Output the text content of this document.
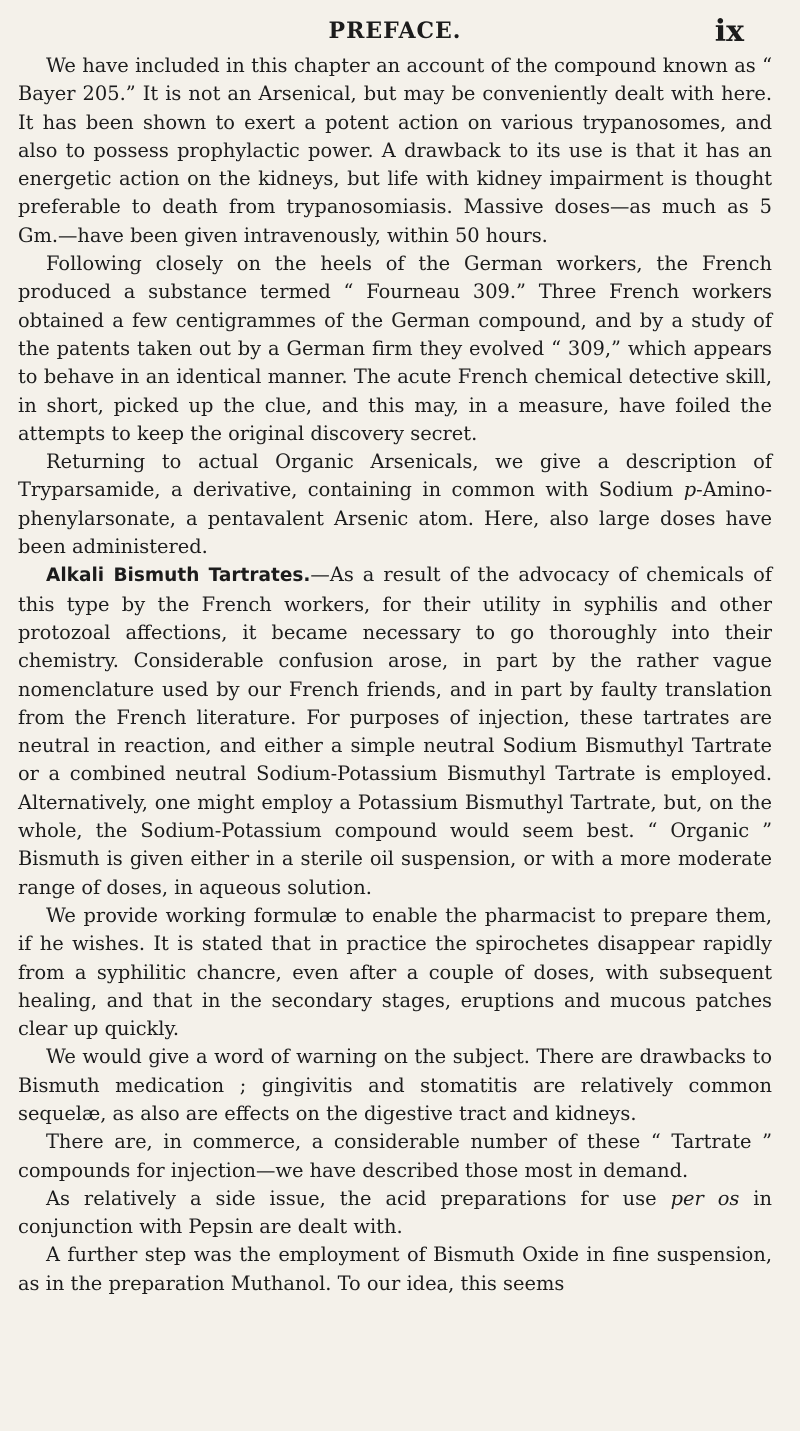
PREFACE.	ix

We have included in this chapter an account of the compound known as “ Bayer 205.” It is not an Arsenical, but may be conveniently dealt with here. It has been shown to exert a potent action on various trypanosomes, and also to possess prophylactic power. A drawback to its use is that it has an energetic action on the kidneys, but life with kidney impairment is thought preferable to death from trypanosomiasis. Massive doses—as much as 5 Gm.—have been given intravenously, within 50 hours.

Following closely on the heels of the German workers, the French produced a substance termed “ Fourneau 309.” Three French workers obtained a few centigrammes of the German compound, and by a study of the patents taken out by a German firm they evolved “ 309,” which appears to behave in an identical manner. The acute French chemical detective skill, in short, picked up the clue, and this may, in a measure, have foiled the attempts to keep the original discovery secret.

Returning to actual Organic Arsenicals, we give a description of Tryparsamide, a derivative, containing in common with Sodium p-Amino-phenylarsonate, a pentavalent Arsenic atom. Here, also large doses have been administered.

Alkali Bismuth Tartrates.—As a result of the advocacy of chemicals of this type by the French workers, for their utility in syphilis and other protozoal affections, it became necessary to go thoroughly into their chemistry. Considerable confusion arose, in part by the rather vague nomenclature used by our French friends, and in part by faulty translation from the French literature. For purposes of injection, these tartrates are neutral in reaction, and either a simple neutral Sodium Bismuthyl Tartrate or a combined neutral Sodium-Potassium Bismuthyl Tartrate is employed. Alternatively, one might employ a Potassium Bismuthyl Tartrate, but, on the whole, the Sodium-Potassium compound would seem best. “ Organic ” Bismuth is given either in a sterile oil suspension, or with a more moderate range of doses, in aqueous solution.

We provide working formulæ to enable the pharmacist to prepare them, if he wishes. It is stated that in practice the spirochetes disappear rapidly from a syphilitic chancre, even after a couple of doses, with subsequent healing, and that in the secondary stages, eruptions and mucous patches clear up quickly.

We would give a word of warning on the subject. There are drawbacks to Bismuth medication ; gingivitis and stomatitis are relatively common sequelæ, as also are effects on the digestive tract and kidneys.

There are, in commerce, a considerable number of these “ Tartrate ” compounds for injection—we have described those most in demand.

As relatively a side issue, the acid preparations for use per os in conjunction with Pepsin are dealt with.

A further step was the employment of Bismuth Oxide in fine suspension, as in the preparation Muthanol. To our idea, this seems
